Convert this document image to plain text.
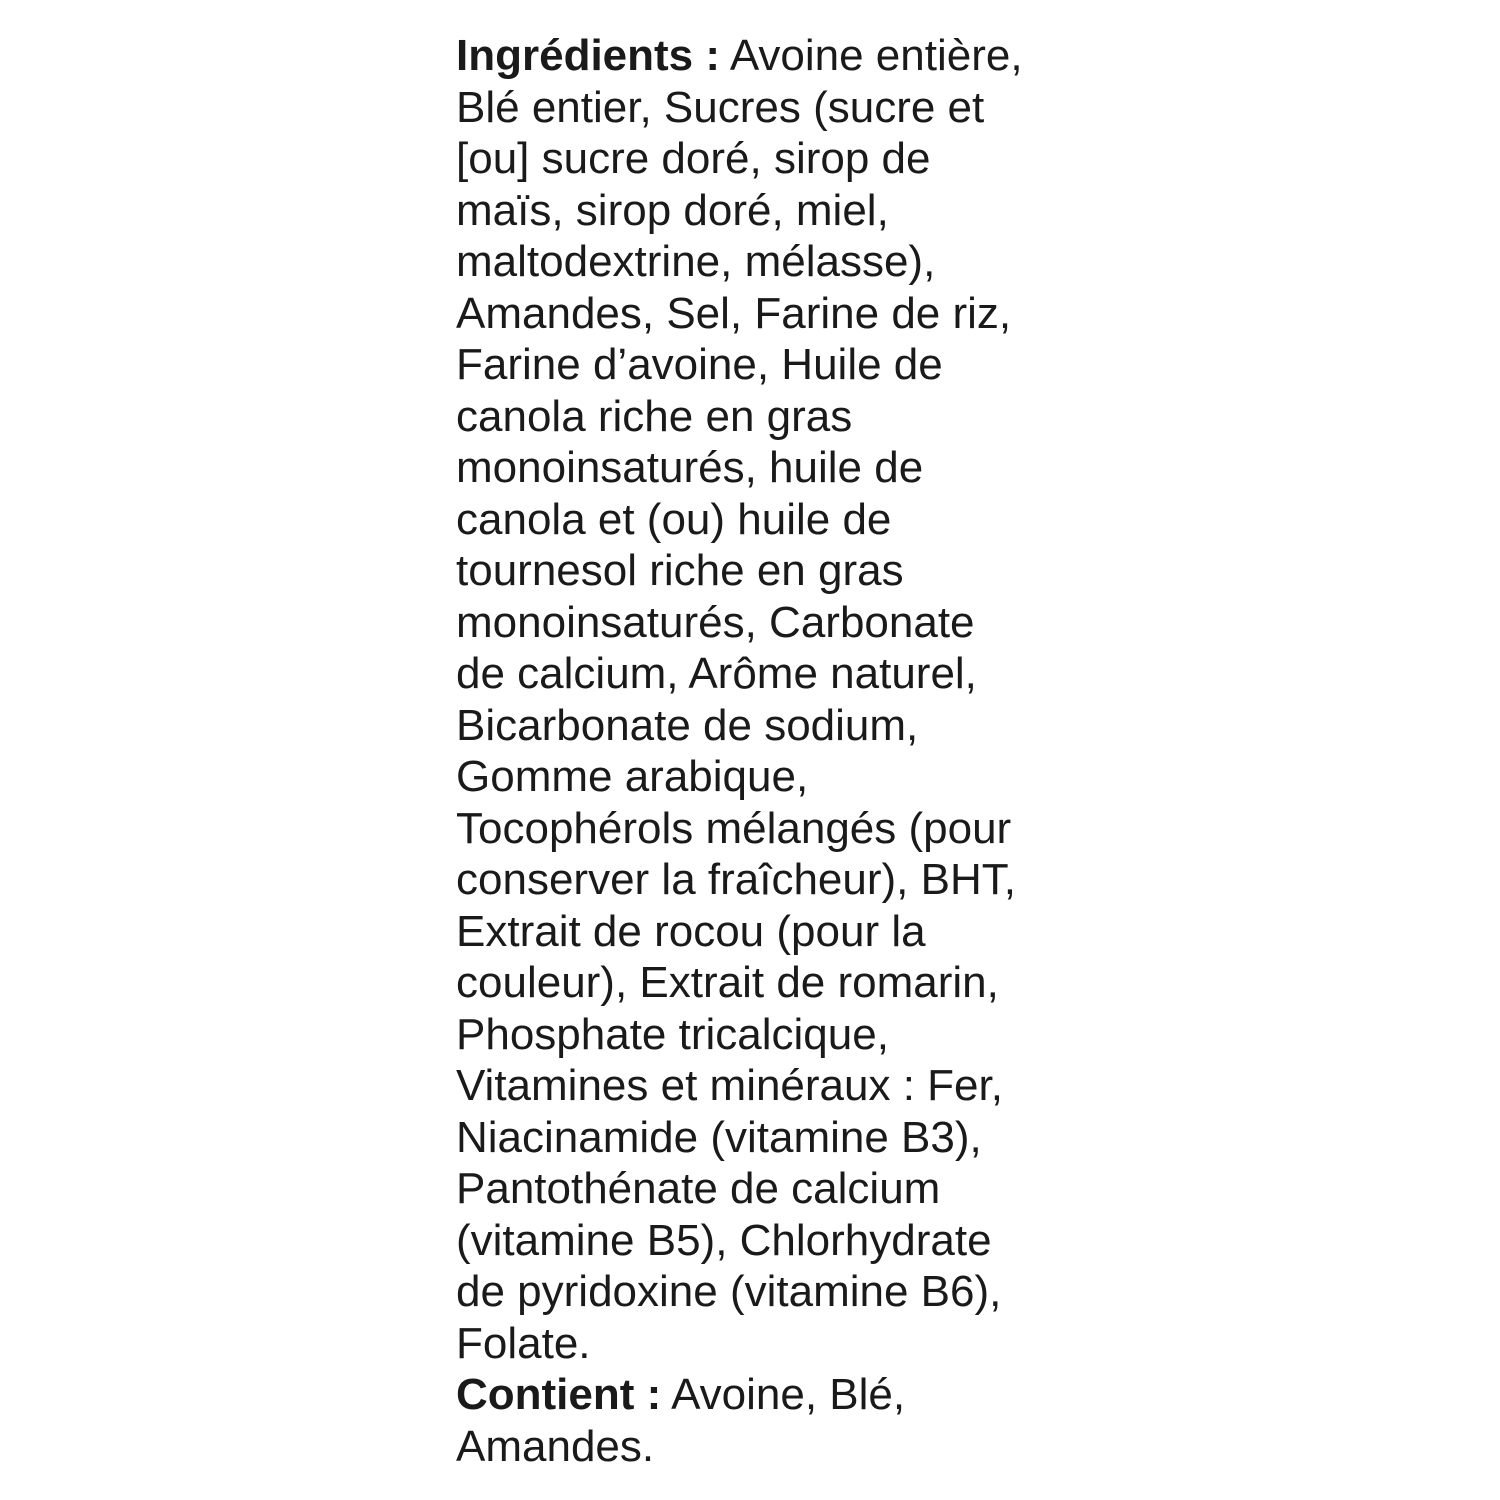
Ingrédients : Avoine entière,
Blé entier, Sucres (sucre et
[ou] sucre doré, sirop de
maïs, sirop doré, miel,
maltodextrine, mélasse),
Amandes, Sel, Farine de riz,
Farine d’avoine, Huile de
canola riche en gras
monoinsaturés, huile de
canola et (ou) huile de
tournesol riche en gras
monoinsaturés, Carbonate
de calcium, Arôme naturel,
Bicarbonate de sodium,
Gomme arabique,
Tocophérols mélangés (pour
conserver la fraîcheur), BHT,
Extrait de rocou (pour la
couleur), Extrait de romarin,
Phosphate tricalcique,
Vitamines et minéraux : Fer,
Niacinamide (vitamine B3),
Pantothénate de calcium
(vitamine B5), Chlorhydrate
de pyridoxine (vitamine B6),
Folate.
Contient : Avoine, Blé,
Amandes.
